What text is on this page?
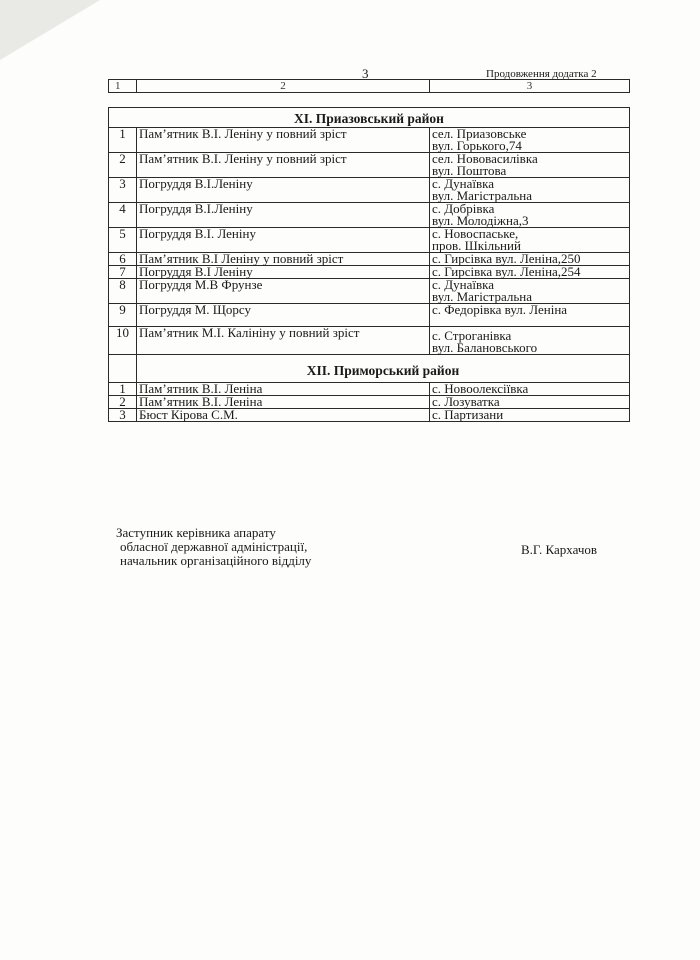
3	Продовження додатка 2
1	2	3
XI. Приазовський район		
1	Пам’ятник В.І. Леніну у повний зріст	сел. Приазовське
вул. Горького,74

2	Пам’ятник В.І. Леніну у повний зріст	сел. Нововасилівка
вул. Поштова

3	Погруддя В.І.Леніну	с. Дунаївка
вул. Магістральна

4	Погруддя В.І.Леніну	с. Добрівка
вул. Молодіжна,3

5	Погруддя В.І. Леніну	с. Новоспаське,
пров. Шкільний

6	Пам’ятник В.І Леніну у повний зріст	с. Гирсівка вул. Леніна,250

7	Погруддя В.І Леніну	с. Гирсівка вул. Леніна,254

8	Погруддя М.В Фрунзе	с. Дунаївка
вул. Магістральна

9	Погруддя М. Щорсу	с. Федорівка вул. Леніна

10	Пам’ятник М.І. Калініну у повний зріст	с. Строганівка
вул. Балановського

	XII. Приморський район	
1	Пам’ятник В.І. Леніна	с. Новоолексіївка

2	Пам’ятник В.І. Леніна	с. Лозуватка

3	Бюст Кірова С.М.	с. Партизани
Заступник керівника апарату
обласної державної адміністрації,
начальник організаційного відділу
В.Г. Кархачов
